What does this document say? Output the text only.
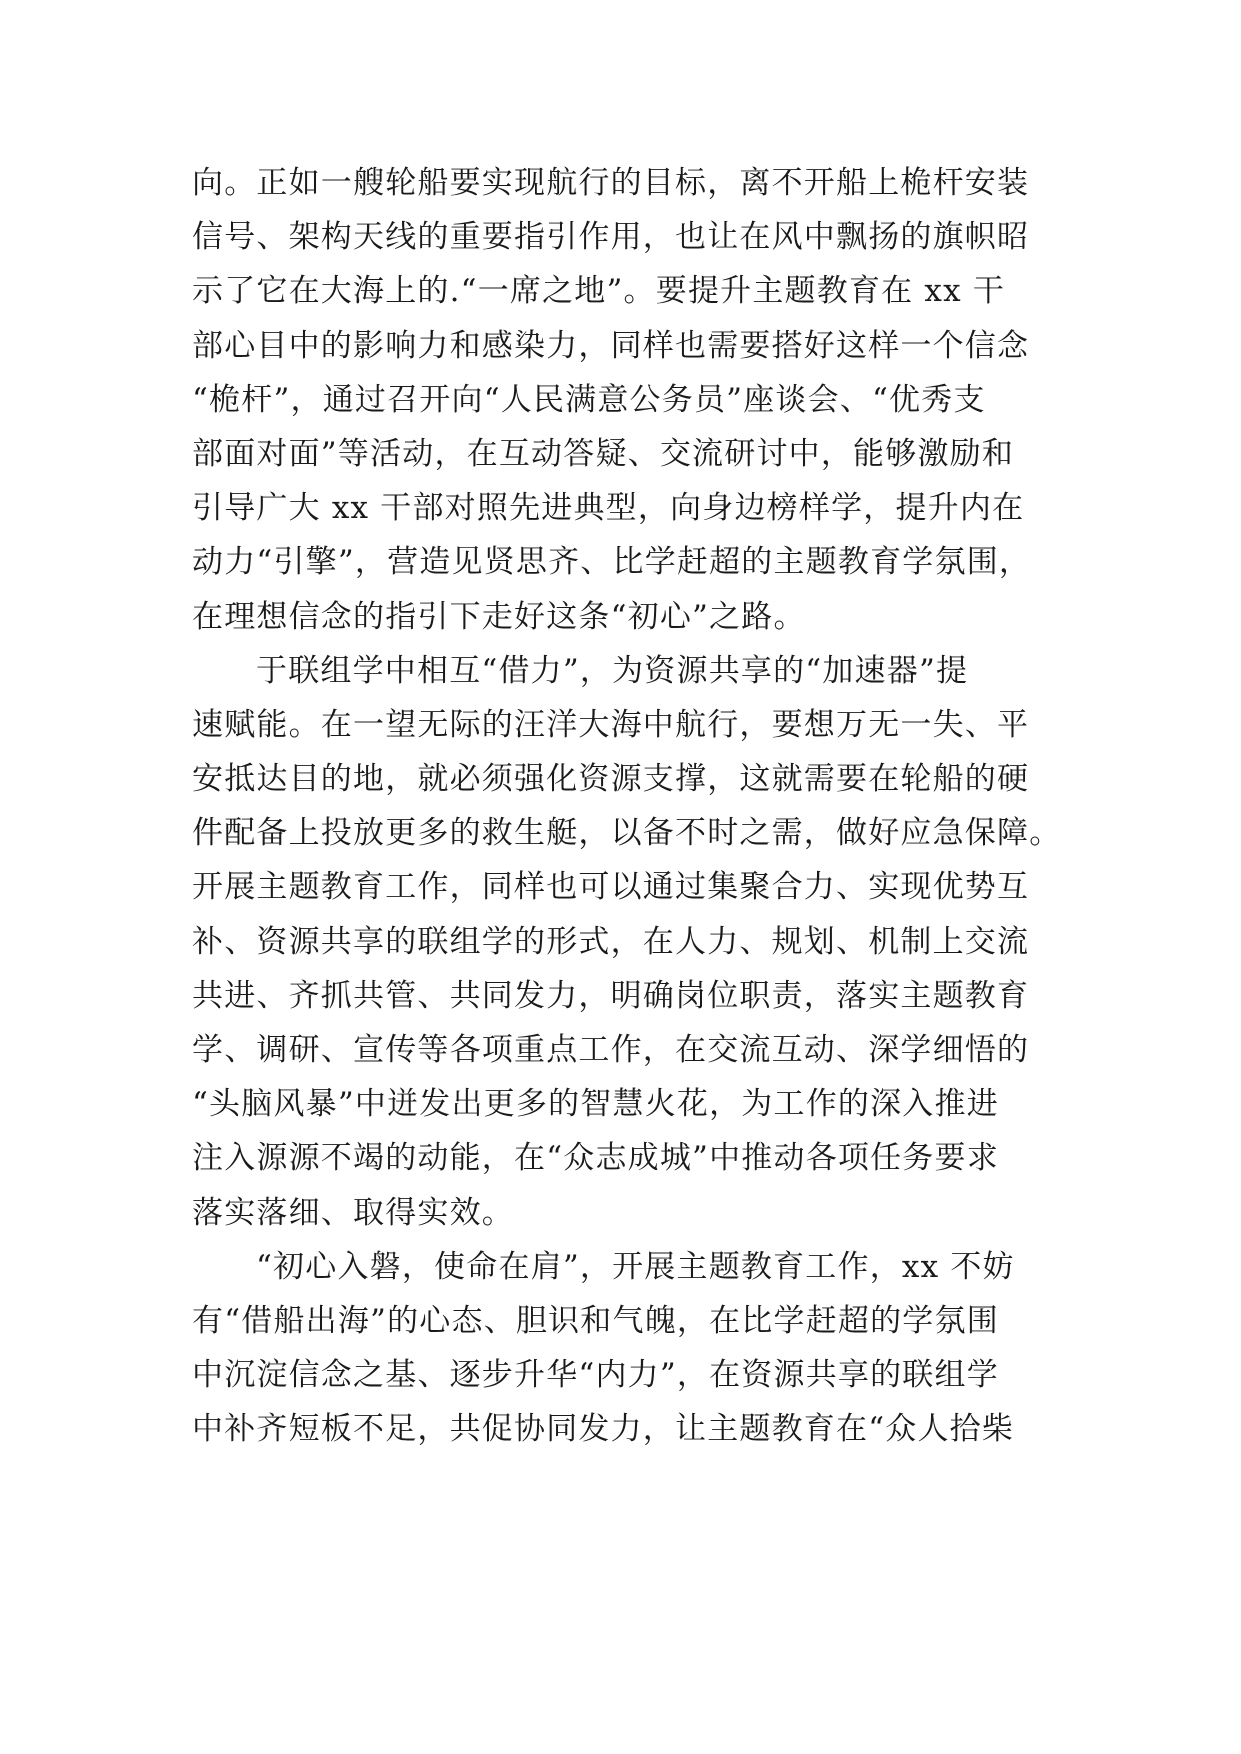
向。正如一艘轮船要实现航行的目标，离不开船上桅杆安装
信号、架构天线的重要指引作用，也让在风中飘扬的旗帜昭
示了它在大海上的.“一席之地”。要提升主题教育在 xx 干
部心目中的影响力和感染力，同样也需要搭好这样一个信念
“桅杆”，通过召开向“人民满意公务员”座谈会、“优秀支
部面对面”等活动，在互动答疑、交流研讨中，能够激励和
引导广大 xx 干部对照先进典型，向身边榜样学，提升内在
动力“引擎”，营造见贤思齐、比学赶超的主题教育学氛围，
在理想信念的指引下走好这条“初心”之路。
于联组学中相互“借力”，为资源共享的“加速器”提
速赋能。在一望无际的汪洋大海中航行，要想万无一失、平
安抵达目的地，就必须强化资源支撑，这就需要在轮船的硬
件配备上投放更多的救生艇，以备不时之需，做好应急保障。
开展主题教育工作，同样也可以通过集聚合力、实现优势互
补、资源共享的联组学的形式，在人力、规划、机制上交流
共进、齐抓共管、共同发力，明确岗位职责，落实主题教育
学、调研、宣传等各项重点工作，在交流互动、深学细悟的
“头脑风暴”中迸发出更多的智慧火花，为工作的深入推进
注入源源不竭的动能，在“众志成城”中推动各项任务要求
落实落细、取得实效。
“初心入磐，使命在肩”，开展主题教育工作，xx 不妨
有“借船出海”的心态、胆识和气魄，在比学赶超的学氛围
中沉淀信念之基、逐步升华“内力”，在资源共享的联组学
中补齐短板不足，共促协同发力，让主题教育在“众人拾柴
